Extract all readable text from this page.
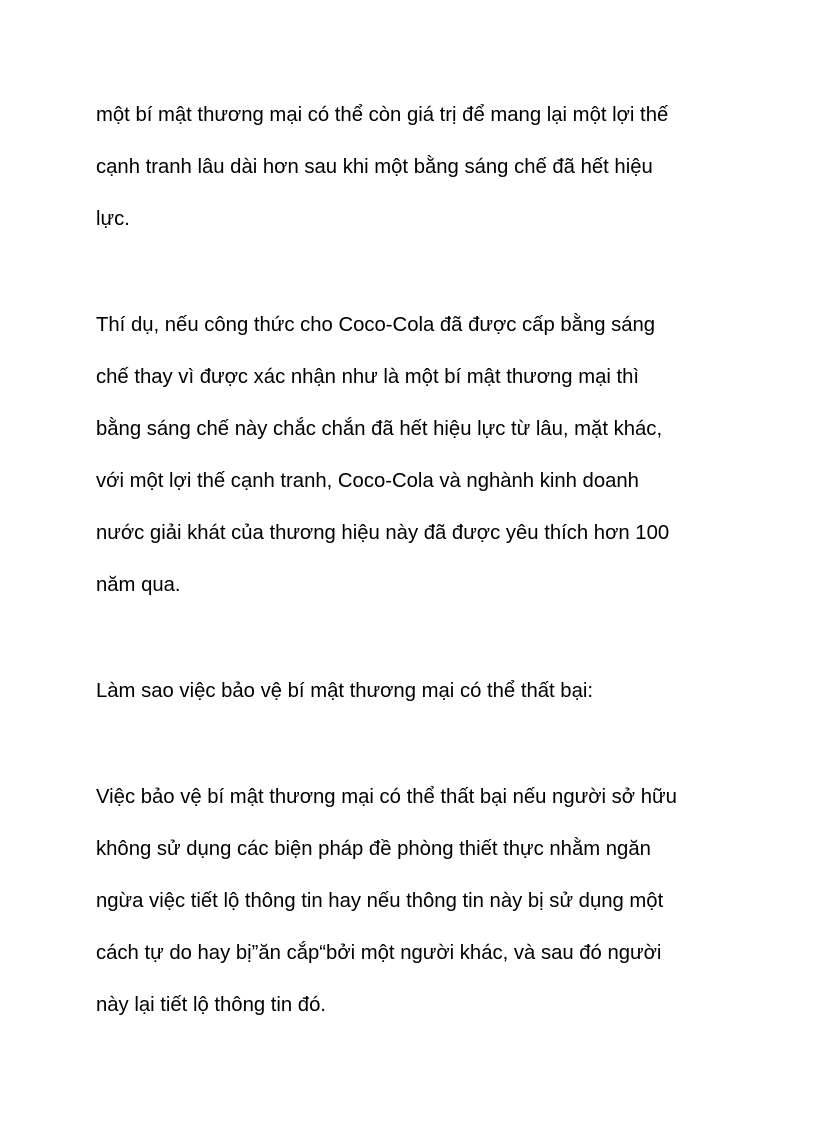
một bí mật thương mại có thể còn giá trị để mang lại một lợi thế

cạnh tranh lâu dài hơn sau khi một bằng sáng chế đã hết hiệu

lực.

Thí dụ, nếu công thức cho Coco-Cola đã được cấp bằng sáng

chế thay vì được xác nhận như là một bí mật thương mại thì

bằng sáng chế này chắc chắn đã hết hiệu lực từ lâu, mặt khác,

với một lợi thế cạnh tranh, Coco-Cola và nghành kinh doanh

nước giải khát của thương hiệu này đã được yêu thích hơn 100

năm qua.

Làm sao việc bảo vệ bí mật thương mại có thể thất bại:

Việc bảo vệ bí mật thương mại có thể thất bại nếu người sở hữu

không sử dụng các biện pháp đề phòng thiết thực nhằm ngăn

ngừa việc tiết lộ thông tin hay nếu thông tin này bị sử dụng một

cách tự do hay bị”ăn cắp“bởi một người khác, và sau đó người

này lại tiết lộ thông tin đó.
